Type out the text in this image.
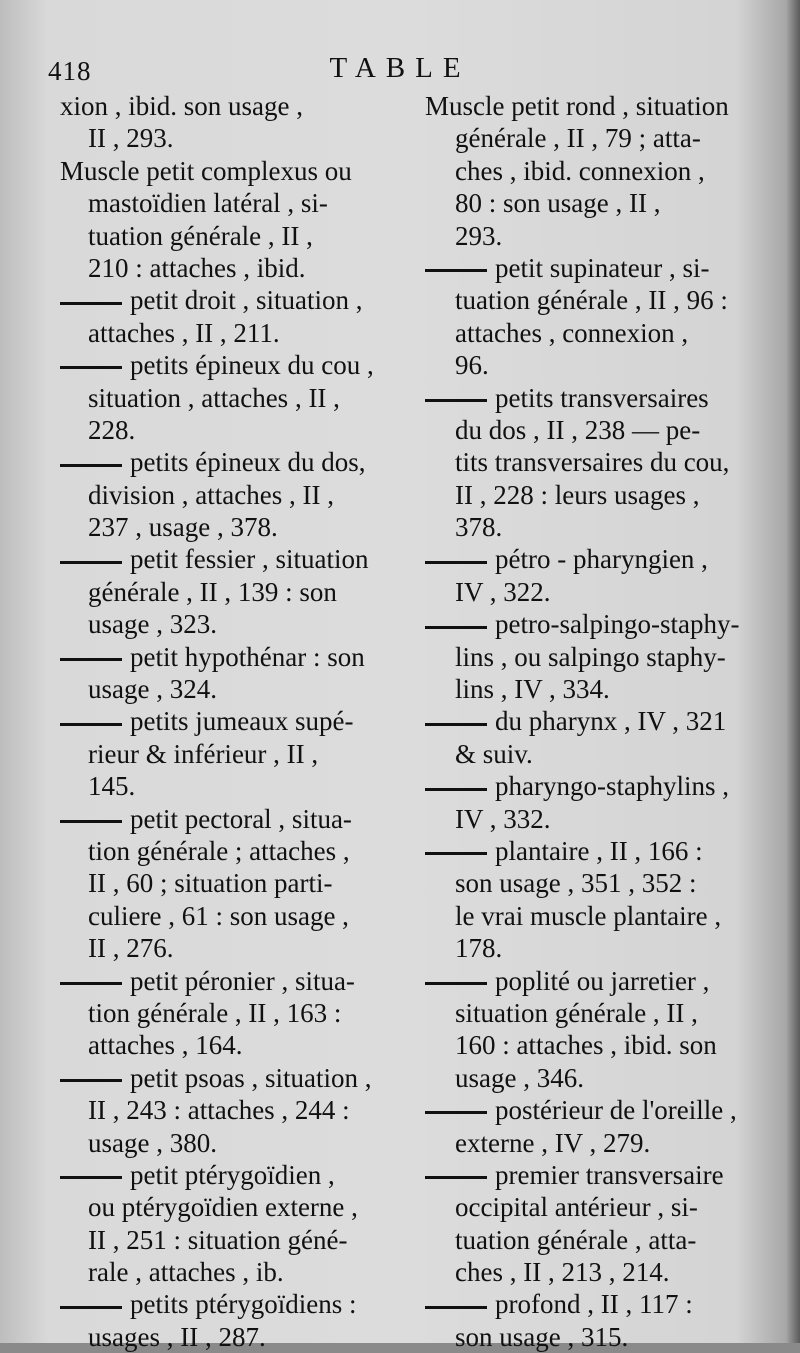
418	TABLE
xion , ibid. son usage ,
II , 293.
Muscle petit complexus ou
mastoïdien latéral , si-
tuation générale , II ,
210 : attaches , ibid.
petit droit , situation ,
attaches , II , 211.
petits épineux du cou ,
situation , attaches , II ,
228.
petits épineux du dos,
division , attaches , II ,
237 , usage , 378.
petit fessier , situation
générale , II , 139 : son
usage , 323.
petit hypothénar : son
usage , 324.
petits jumeaux supé-
rieur & inférieur , II ,
145.
petit pectoral , situa-
tion générale ; attaches ,
II , 60 ; situation parti-
culiere , 61 : son usage ,
II , 276.
petit péronier , situa-
tion générale , II , 163 :
attaches , 164.
petit psoas , situation ,
II , 243 : attaches , 244 :
usage , 380.
petit ptérygoïdien ,
ou ptérygoïdien externe ,
II , 251 : situation géné-
rale , attaches , ib.
petits ptérygoïdiens :
usages , II , 287.
Muscle petit rond , situation
générale , II , 79 ; atta-
ches , ibid. connexion ,
80 : son usage , II ,
293.
petit supinateur , si-
tuation générale , II , 96 :
attaches , connexion ,
96.
petits transversaires
du dos , II , 238 — pe-
tits transversaires du cou,
II , 228 : leurs usages ,
378.
pétro - pharyngien ,
IV , 322.
petro-salpingo-staphy-
lins , ou salpingo staphy-
lins , IV , 334.
du pharynx , IV , 321
& suiv.
pharyngo-staphylins ,
IV , 332.
plantaire , II , 166 :
son usage , 351 , 352 :
le vrai muscle plantaire ,
178.
poplité ou jarretier ,
situation générale , II ,
160 : attaches , ibid. son
usage , 346.
postérieur de l'oreille ,
externe , IV , 279.
premier transversaire
occipital antérieur , si-
tuation générale , atta-
ches , II , 213 , 214.
profond , II , 117 :
son usage , 315.
